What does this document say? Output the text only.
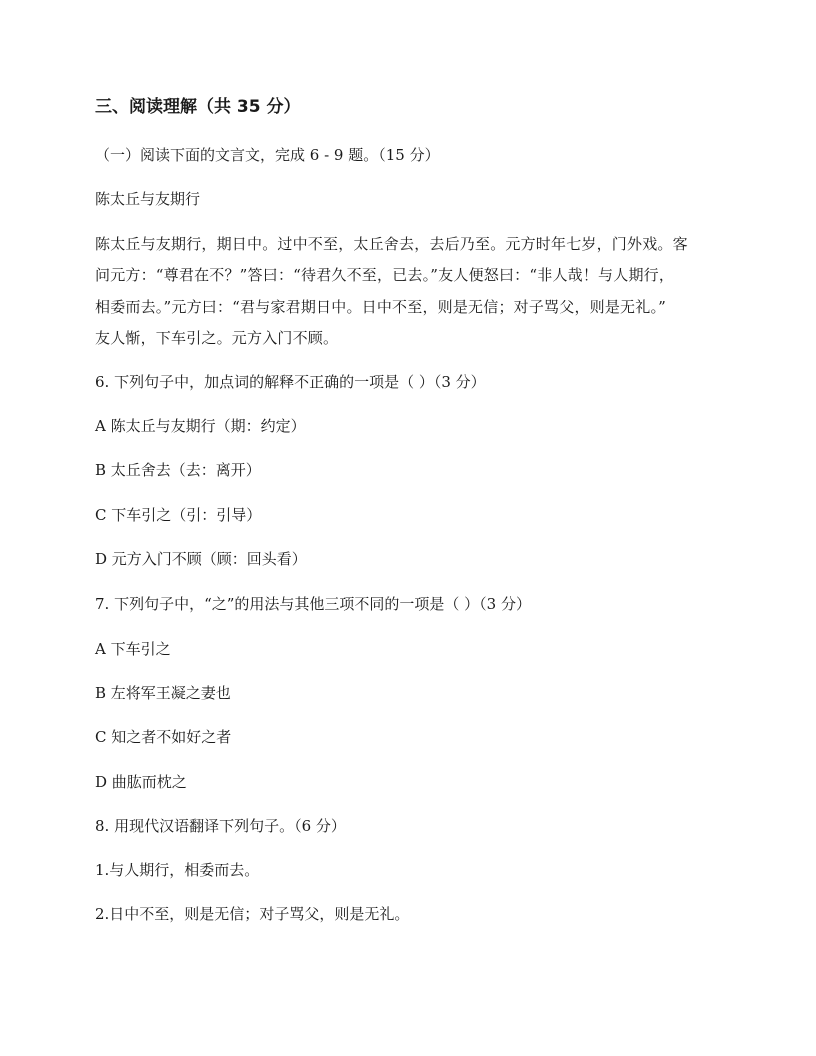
三、阅读理解（共 35 分）
（一）阅读下面的文言文，完成 6 - 9 题。（15 分）
陈太丘与友期行
陈太丘与友期行，期日中。过中不至，太丘舍去，去后乃至。元方时年七岁，门外戏。客
问元方：“尊君在不？”答曰：“待君久不至，已去。”友人便怒曰：“非人哉！与人期行，
相委而去。”元方曰：“君与家君期日中。日中不至，则是无信；对子骂父，则是无礼。”
友人惭，下车引之。元方入门不顾。
6. 下列句子中，加点词的解释不正确的一项是（ ）（3 分）
A 陈太丘与友期行（期：约定）
B 太丘舍去（去：离开）
C 下车引之（引：引导）
D 元方入门不顾（顾：回头看）
7. 下列句子中，“之”的用法与其他三项不同的一项是（ ）（3 分）
A 下车引之
B 左将军王凝之妻也
C 知之者不如好之者
D 曲肱而枕之
8. 用现代汉语翻译下列句子。（6 分）
1.与人期行，相委而去。
2.日中不至，则是无信；对子骂父，则是无礼。
